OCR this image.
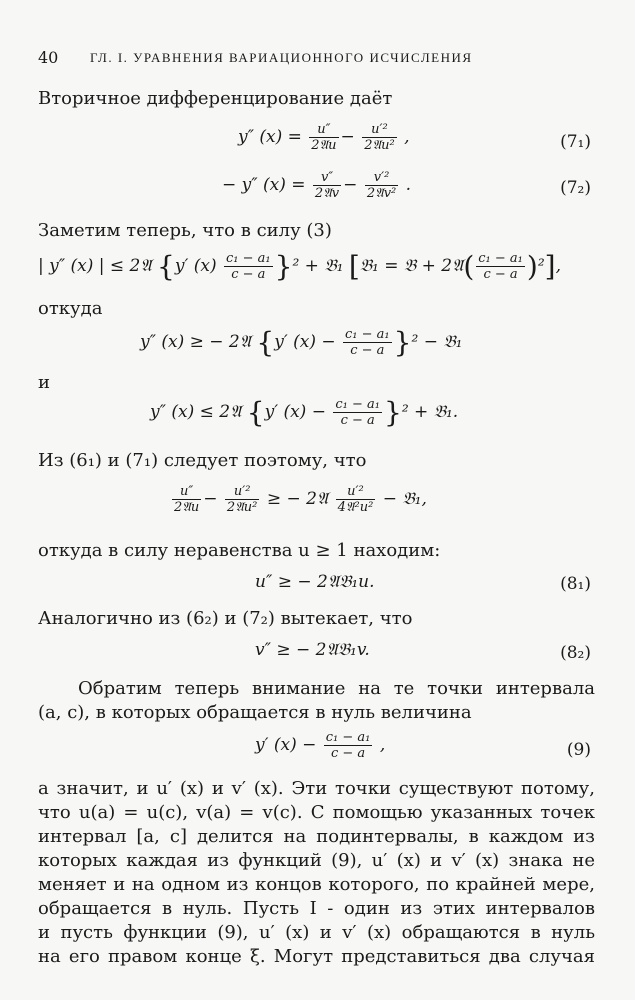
40 ГЛ. I. УРАВНЕНИЯ ВАРИАЦИОННОГО ИСЧИСЛЕНИЯ
Вторичное дифференцирование даёт
y″ $(x) = \frac{u''}{\text{2𝔄u}} - \frac{\text{u′²}}{\text{2𝔄u²}}$ ,	(7₁)
− y″ $(x) = \frac{v''}{\text{2𝔄v}} - \frac{\text{v′²}}{\text{2𝔄v²}}$ .	(7₂)
Заметим теперь, что в силу (3)
| y″ (x) | ≤ 2𝔄 {y′ $(x) \frac{\text{c₁ − a₁}}{c - a} \}^2$ + 𝔅₁ [𝔅₁ = 𝔅 + 2𝔄( $\frac{\text{c₁ − a₁}}{c - a} )^2$],
откуда
y″ (x) ≥ − 2𝔄 {y′ $(x) - \frac{\text{c₁ − a₁}}{c - a} \}^2$ − 𝔅₁
и
y″ (x) ≤ 2𝔄 {y′ $(x) - \frac{\text{c₁ − a₁}}{c - a} \}^2$ + 𝔅₁.
Из (6₁) и (7₁) следует поэтому, что
$\frac{u''}{\text{2𝔄u}} - \frac{\text{u′²}}{\text{2𝔄u²}}$ ≥ − 2𝔄 $\frac{\text{u′²}}{\text{4𝔄²u²}}$ − 𝔅₁,
откуда в силу неравенства u ≥ 1 находим:
u″ ≥ − 2𝔄𝔅₁u.	(8₁)
Аналогично из (6₂) и (7₂) вытекает, что
v″ ≥ − 2𝔄𝔅₁v.	(8₂)
Обратим теперь внимание на те точки интервала
(a, c), в которых обращается в нуль величина
y′ $(x) - \frac{\text{c₁ − a₁}}{c - a}$ ,	(9)
а значит, и u′ (x) и v′ (x). Эти точки существуют потому,
что u(a) = u(c), v(a) = v(c). С помощью указанных точек
интервал [a, c] делится на подинтервалы, в каждом из
которых каждая из функций (9), u′ (x) и v′ (x) знака не
меняет и на одном из концов которого, по крайней мере,
обращается в нуль. Пусть I - один из этих интервалов
и пусть функции (9), u′ (x) и v′ (x) обращаются в нуль
на его правом конце ξ. Могут представиться два случая
